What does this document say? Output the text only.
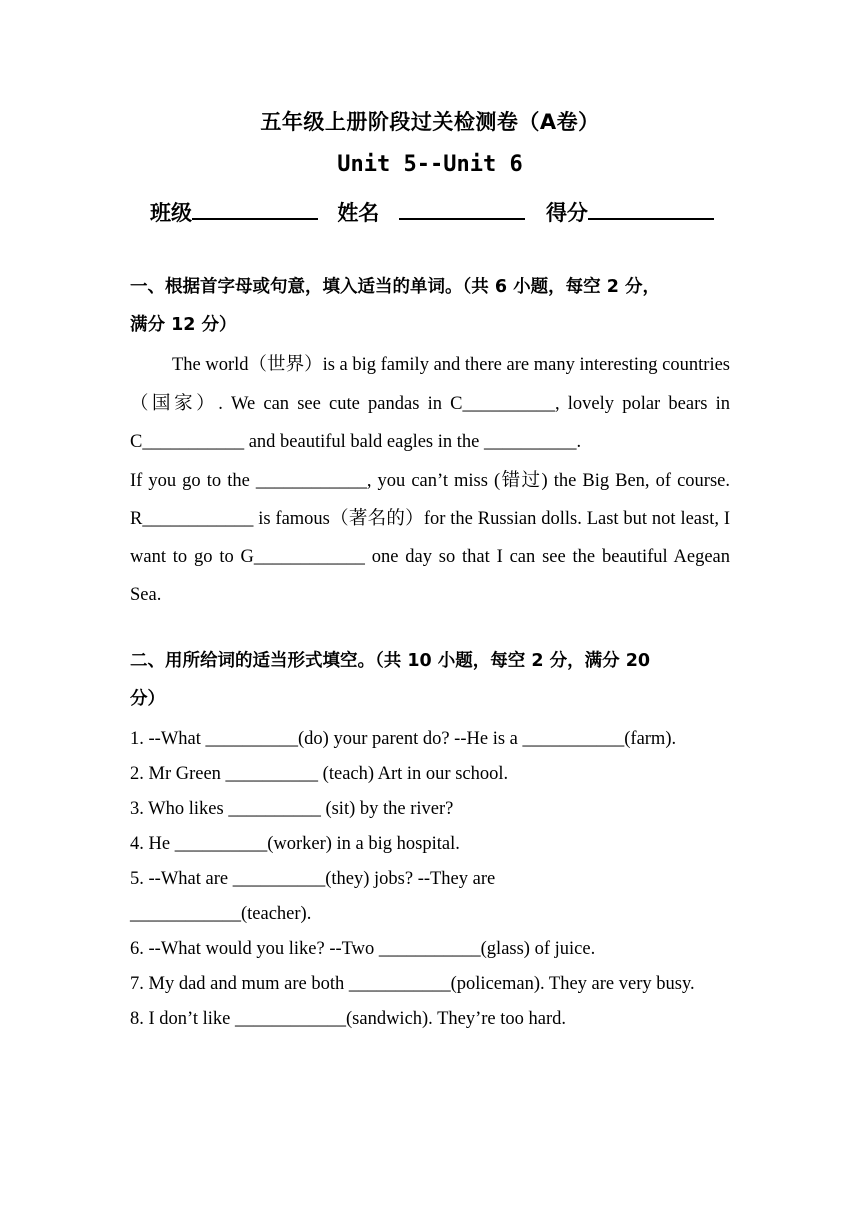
五年级上册阶段过关检测卷（A卷）
Unit 5--Unit 6
班级	姓名	得分
一、根据首字母或句意，填入适当的单词。（共 6 小题，每空 2 分，
满分 12 分）

The world（世界）is a big family and there are many interesting countries（国家）. We can see cute pandas in C__________, lovely polar bears in C___________ and beautiful bald eagles in the __________.

If you go to the ____________, you can’t miss (错过) the Big Ben, of course. R____________ is famous（著名的）for the Russian dolls. Last but not least, I want to go to G____________ one day so that I can see the beautiful Aegean Sea.

二、用所给词的适当形式填空。（共 10 小题，每空 2 分，满分 20
分）

1. --What __________(do) your parent do? --He is a ___________(farm).

2. Mr Green __________ (teach) Art in our school.

3. Who likes __________ (sit) by the river?

4. He __________(worker) in a big hospital.

5. --What are __________(they) jobs? --They are

____________(teacher).

6. --What would you like? --Two ___________(glass) of juice.

7. My dad and mum are both ___________(policeman). They are very busy.

8. I don’t like ____________(sandwich). They’re too hard.
